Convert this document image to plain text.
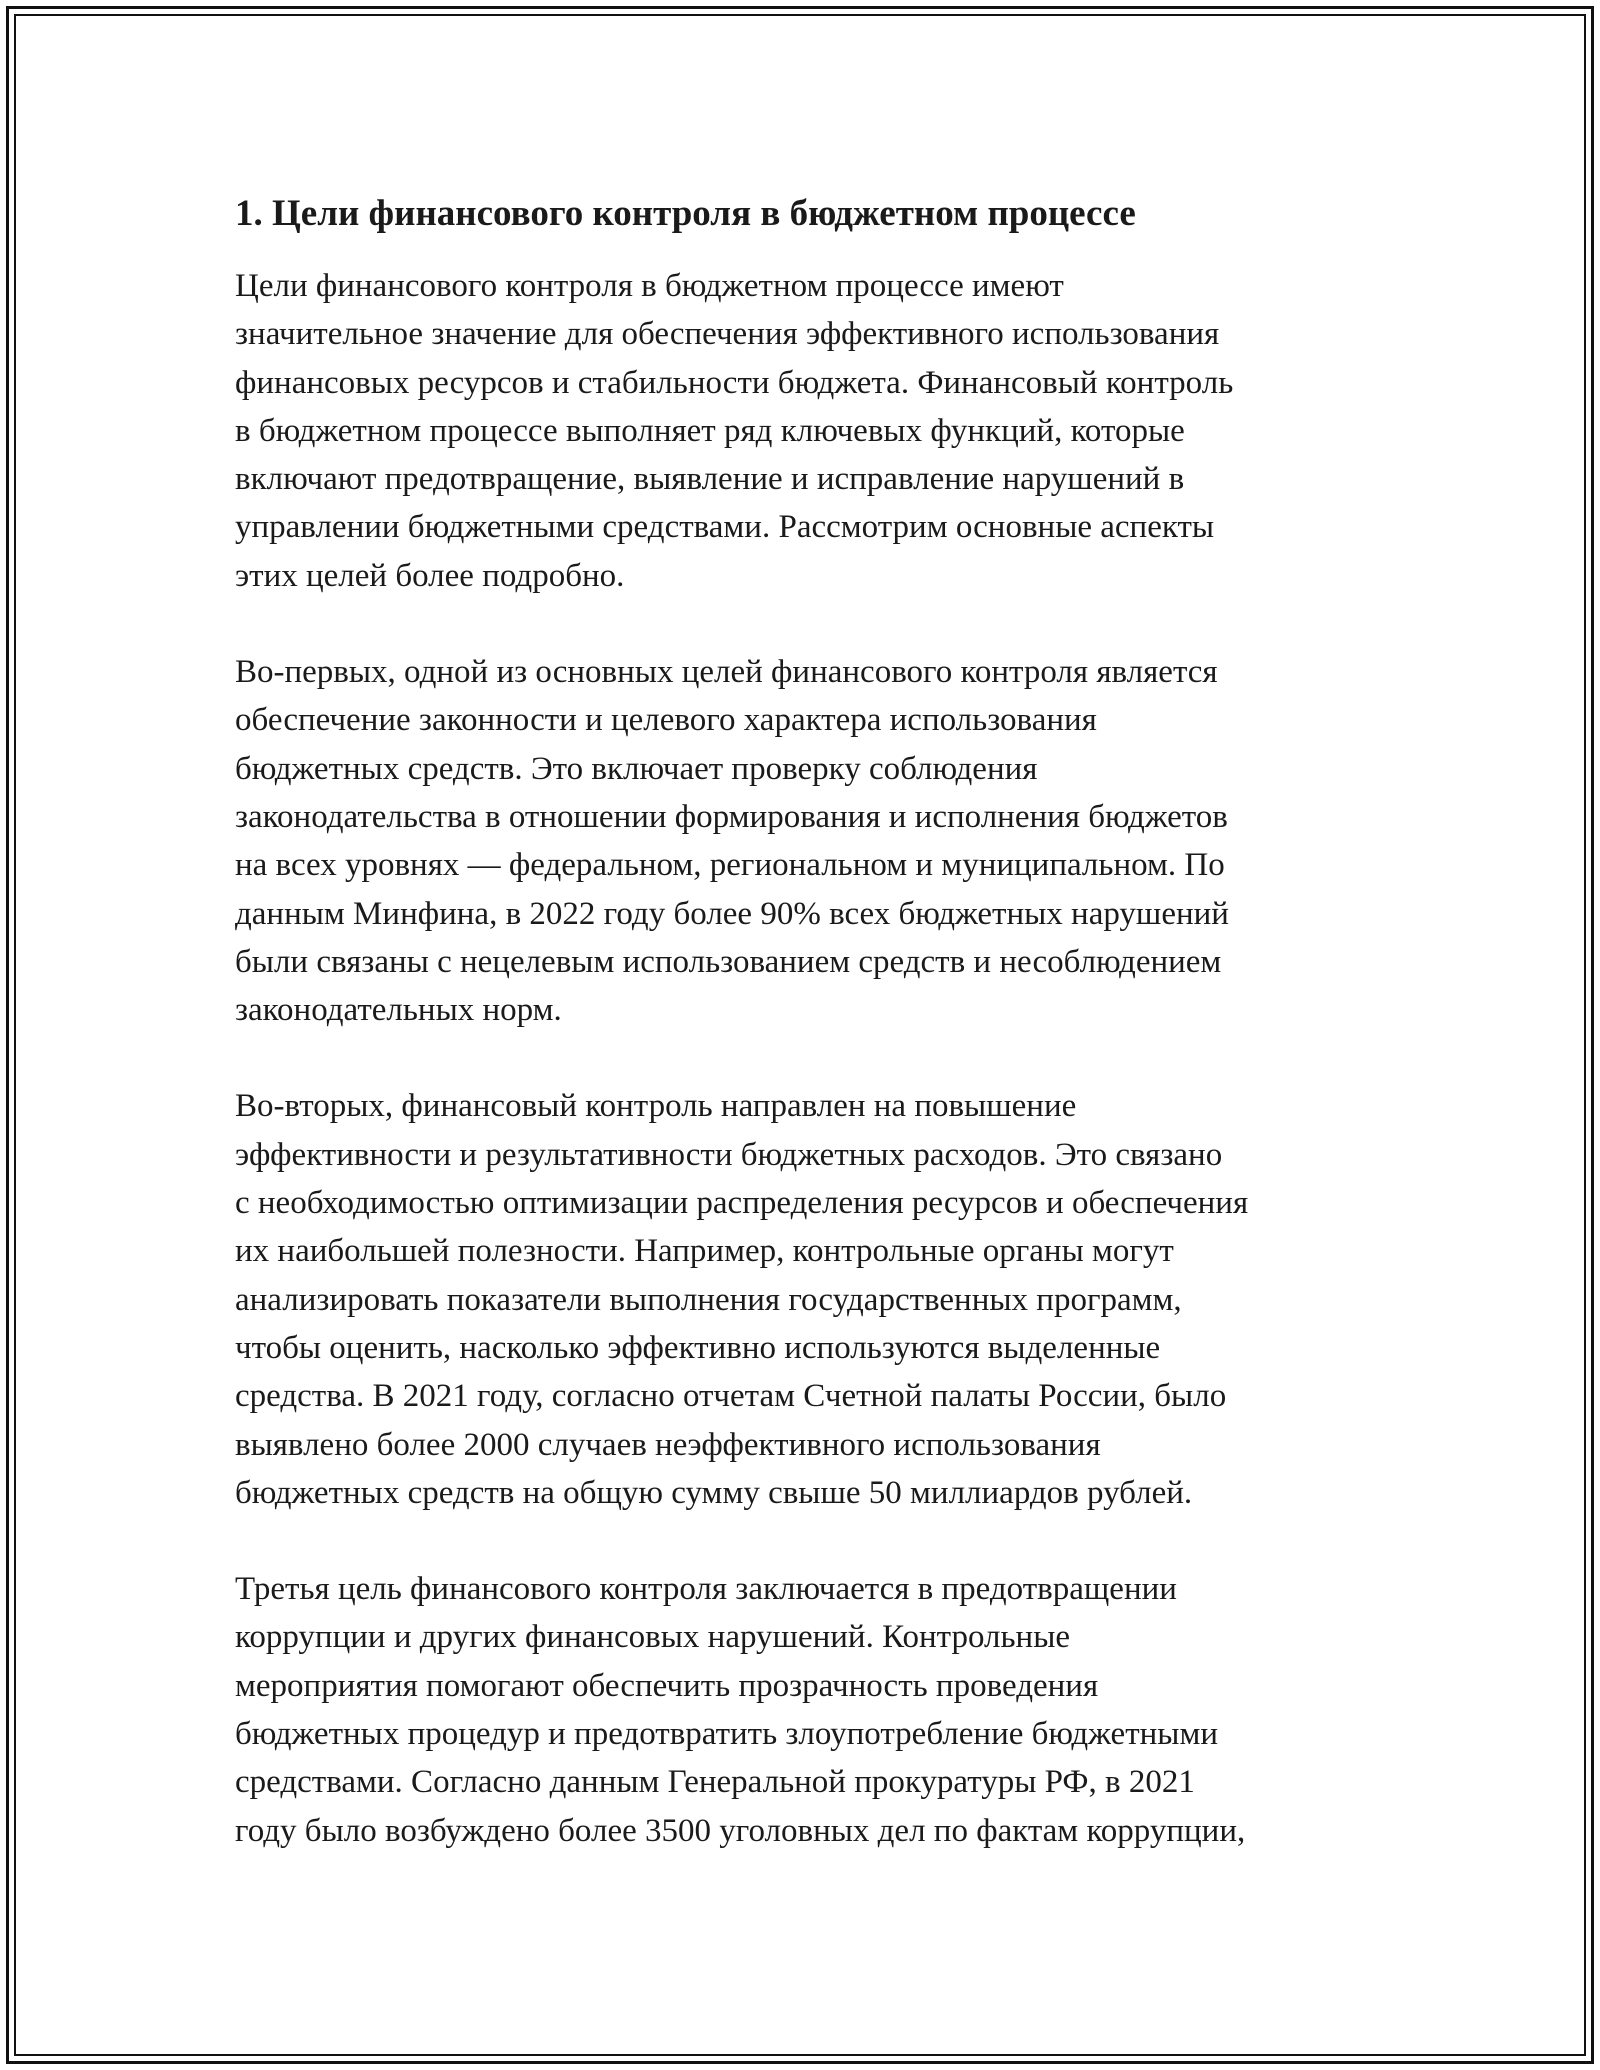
1. Цели финансового контроля в бюджетном процессе

Цели финансового контроля в бюджетном процессе имеют
значительное значение для обеспечения эффективного использования
финансовых ресурсов и стабильности бюджета. Финансовый контроль
в бюджетном процессе выполняет ряд ключевых функций, которые
включают предотвращение, выявление и исправление нарушений в
управлении бюджетными средствами. Рассмотрим основные аспекты
этих целей более подробно.

Во-первых, одной из основных целей финансового контроля является
обеспечение законности и целевого характера использования
бюджетных средств. Это включает проверку соблюдения
законодательства в отношении формирования и исполнения бюджетов
на всех уровнях — федеральном, региональном и муниципальном. По
данным Минфина, в 2022 году более 90% всех бюджетных нарушений
были связаны с нецелевым использованием средств и несоблюдением
законодательных норм.

Во-вторых, финансовый контроль направлен на повышение
эффективности и результативности бюджетных расходов. Это связано
с необходимостью оптимизации распределения ресурсов и обеспечения
их наибольшей полезности. Например, контрольные органы могут
анализировать показатели выполнения государственных программ,
чтобы оценить, насколько эффективно используются выделенные
средства. В 2021 году, согласно отчетам Счетной палаты России, было
выявлено более 2000 случаев неэффективного использования
бюджетных средств на общую сумму свыше 50 миллиардов рублей.

Третья цель финансового контроля заключается в предотвращении
коррупции и других финансовых нарушений. Контрольные
мероприятия помогают обеспечить прозрачность проведения
бюджетных процедур и предотвратить злоупотребление бюджетными
средствами. Согласно данным Генеральной прокуратуры РФ, в 2021
году было возбуждено более 3500 уголовных дел по фактам коррупции,
